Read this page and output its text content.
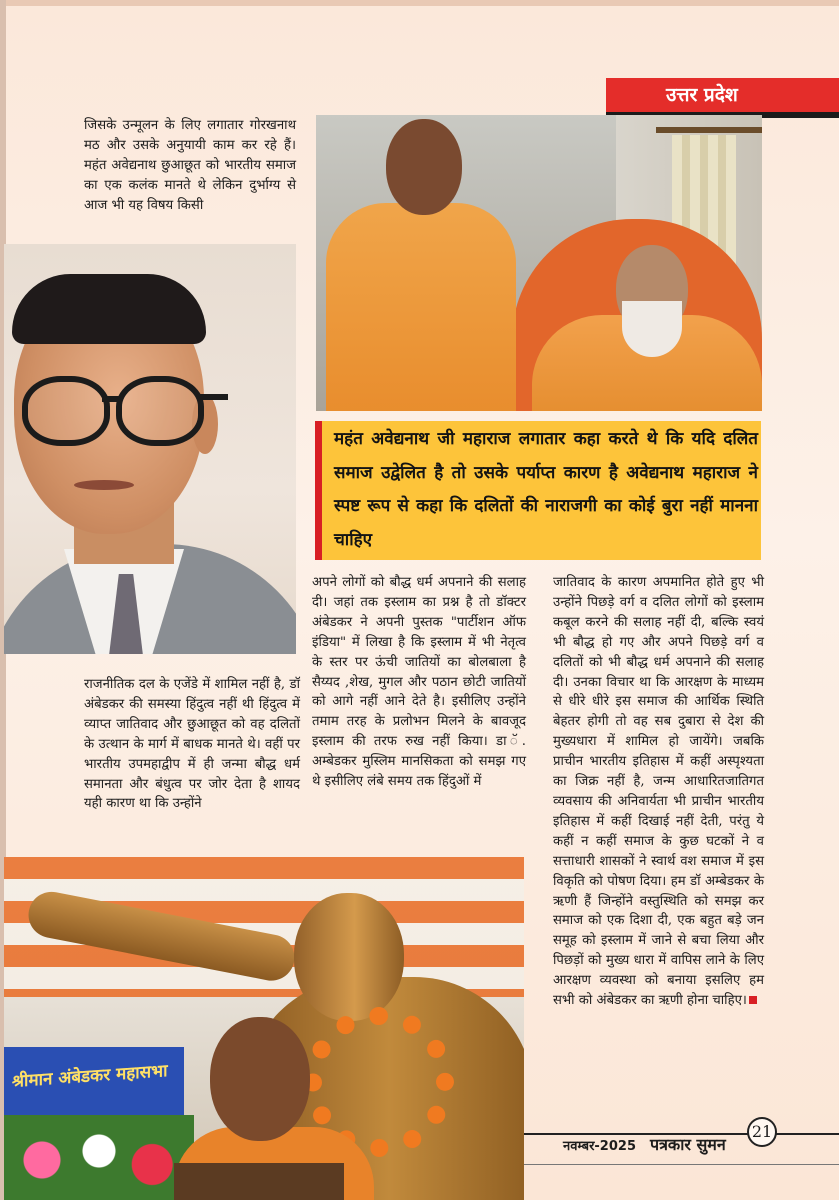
उत्तर प्रदेश

जिसके उन्मूलन के लिए लगातार गोरखनाथ मठ और उसके अनुयायी काम कर रहे हैं। महंत अवेद्यनाथ छुआछूत को भारतीय समाज का एक कलंक मानते थे लेकिन दुर्भाग्य से आज भी यह विषय किसी

महंत अवेद्यनाथ जी महाराज लगातार कहा करते थे कि यदि दलित समाज उद्वेलित है तो उसके पर्याप्त कारण है अवेद्यनाथ महाराज ने स्पष्ट रूप से कहा कि दलितों की नाराजगी का कोई बुरा नहीं मानना चाहिए

राजनीतिक दल के एजेंडे में शामिल नहीं है, डॉ अंबेडकर की समस्या हिंदुत्व नहीं थी हिंदुत्व में व्याप्त जातिवाद और छुआछूत को वह दलितों के उत्थान के मार्ग में बाधक मानते थे। वहीं पर भारतीय उपमहाद्वीप में ही जन्मा बौद्ध धर्म समानता और बंधुत्व पर जोर देता है शायद यही कारण था कि उन्होंने

अपने लोगों को बौद्ध धर्म अपनाने की सलाह दी। जहां तक इस्लाम का प्रश्न है तो डॉक्टर अंबेडकर ने अपनी पुस्तक "पार्टीशन ऑफ इंडिया" में लिखा है कि इस्लाम में भी नेतृत्व के स्तर पर ऊंची जातियों का बोलबाला है सैय्यद ,शेख, मुगल और पठान छोटी जातियों को आगे नहीं आने देते है। इसीलिए उन्होंने तमाम तरह के प्रलोभन मिलने के बावजूद इस्लाम की तरफ रुख नहीं किया। डा ॅ. अम्बेडकर मुस्लिम मानसिकता को समझ गए थे इसीलिए लंबे समय तक हिंदुओं में

जातिवाद के कारण अपमानित होते हुए भी उन्होंने पिछड़े वर्ग व दलित लोगों को इस्लाम कबूल करने की सलाह नहीं दी, बल्कि स्वयं भी बौद्ध हो गए और अपने पिछड़े वर्ग व दलितों को भी बौद्ध धर्म अपनाने की सलाह दी। उनका विचार था कि आरक्षण के माध्यम से धीरे धीरे इस समाज की आर्थिक स्थिति बेहतर होगी तो वह सब दुबारा से देश की मुख्यधारा में शामिल हो जायेंगे। जबकि प्राचीन भारतीय इतिहास में कहीं अस्पृश्यता का जिक्र नहीं है, जन्म आधारितजातिगत व्यवसाय की अनिवार्यता भी प्राचीन भारतीय इतिहास में कहीं दिखाई नहीं देती, परंतु ये कहीं न कहीं समाज के कुछ घटकों ने व सत्ताधारी शासकों ने स्वार्थ वश समाज में इस विकृति को पोषण दिया। हम डॉ अम्बेडकर के ऋणी हैं जिन्होंने वस्तुस्थिति को समझ कर समाज को एक दिशा दी, एक बहुत बड़े जन समूह को इस्लाम में जाने से बचा लिया और पिछड़ों को मुख्य धारा में वापिस लाने के लिए आरक्षण व्यवस्था को बनाया इसलिए हम सभी को अंबेडकर का ऋणी होना चाहिए।

श्रीमान अंबेडकर महासभा
नवम्बर-2025 पत्रकार सुमन
21
